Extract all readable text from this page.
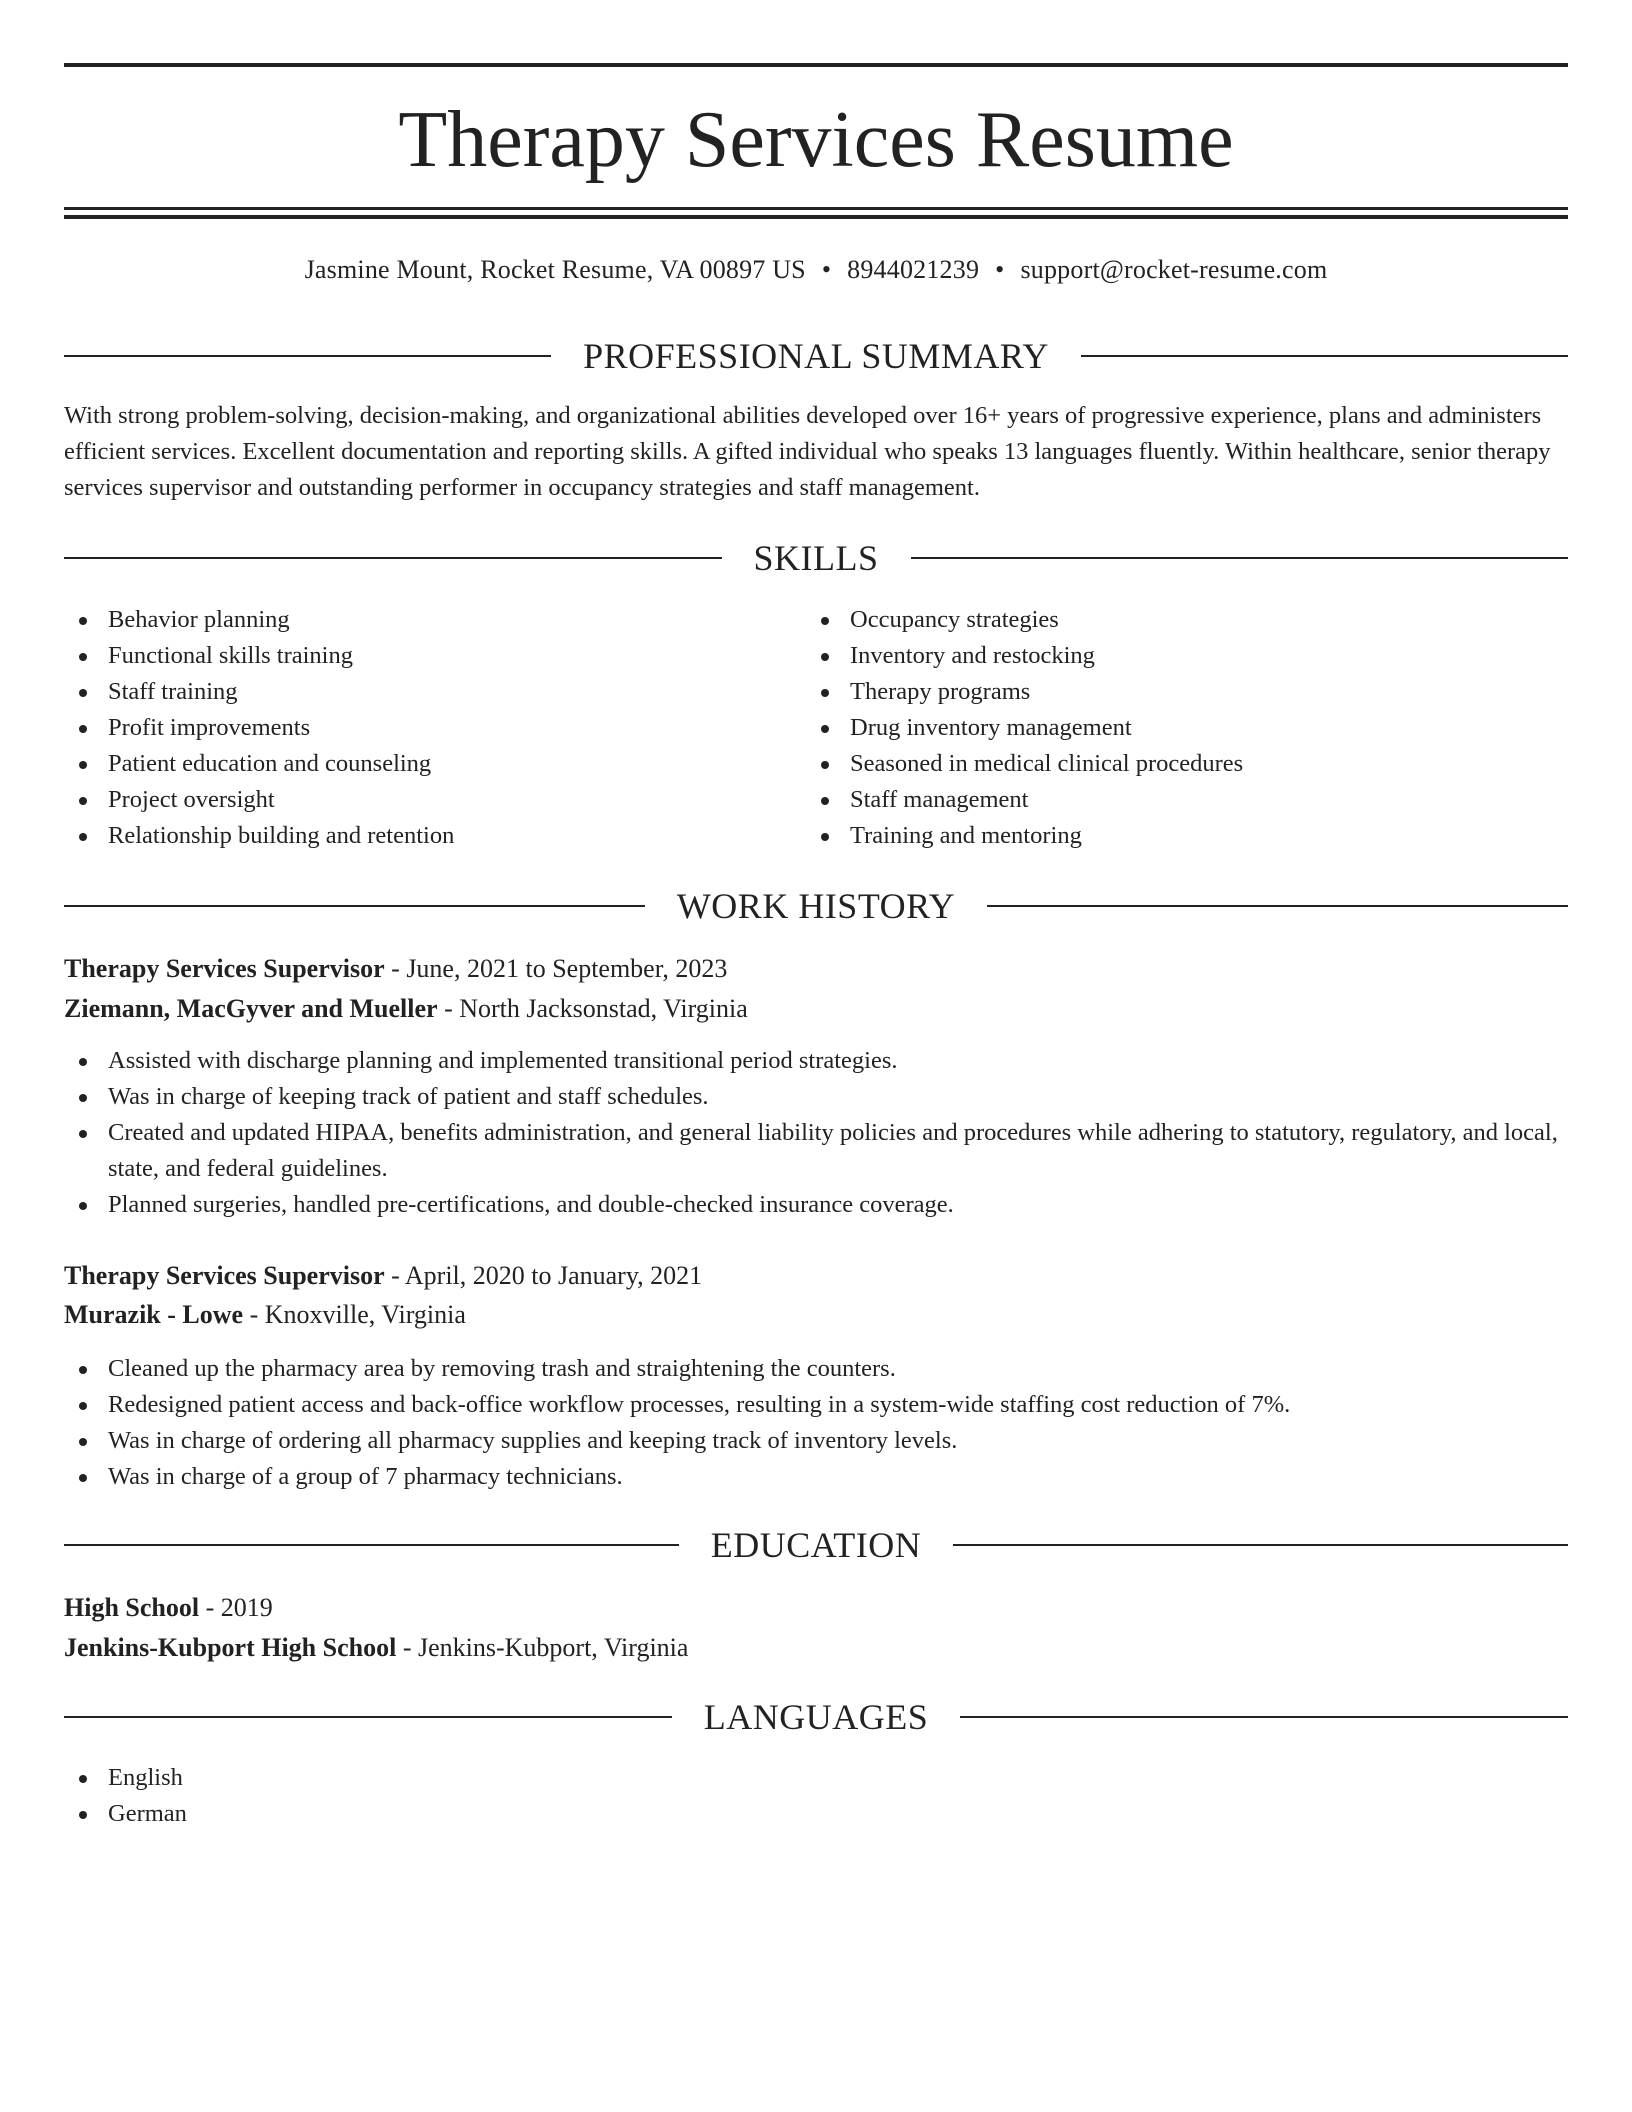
Therapy Services Resume
Jasmine Mount, Rocket Resume, VA 00897 US • 8944021239 • support@rocket-resume.com
PROFESSIONAL SUMMARY

With strong problem-solving, decision-making, and organizational abilities developed over 16+ years of progressive experience, plans and administers efficient services. Excellent documentation and reporting skills. A gifted individual who speaks 13 languages fluently. Within healthcare, senior therapy services supervisor and outstanding performer in occupancy strategies and staff management.

SKILLS
Behavior planning
Functional skills training
Staff training
Profit improvements
Patient education and counseling
Project oversight
Relationship building and retention
Occupancy strategies
Inventory and restocking
Therapy programs
Drug inventory management
Seasoned in medical clinical procedures
Staff management
Training and mentoring
WORK HISTORY
Therapy Services Supervisor - June, 2021 to September, 2023
Ziemann, MacGyver and Mueller - North Jacksonstad, Virginia
Assisted with discharge planning and implemented transitional period strategies.
Was in charge of keeping track of patient and staff schedules.
Created and updated HIPAA, benefits administration, and general liability policies and procedures while adhering to statutory, regulatory, and local, state, and federal guidelines.
Planned surgeries, handled pre-certifications, and double-checked insurance coverage.
Therapy Services Supervisor - April, 2020 to January, 2021
Murazik - Lowe - Knoxville, Virginia
Cleaned up the pharmacy area by removing trash and straightening the counters.
Redesigned patient access and back-office workflow processes, resulting in a system-wide staffing cost reduction of 7%.
Was in charge of ordering all pharmacy supplies and keeping track of inventory levels.
Was in charge of a group of 7 pharmacy technicians.
EDUCATION
High School - 2019
Jenkins-Kubport High School - Jenkins-Kubport, Virginia
LANGUAGES
English
German
